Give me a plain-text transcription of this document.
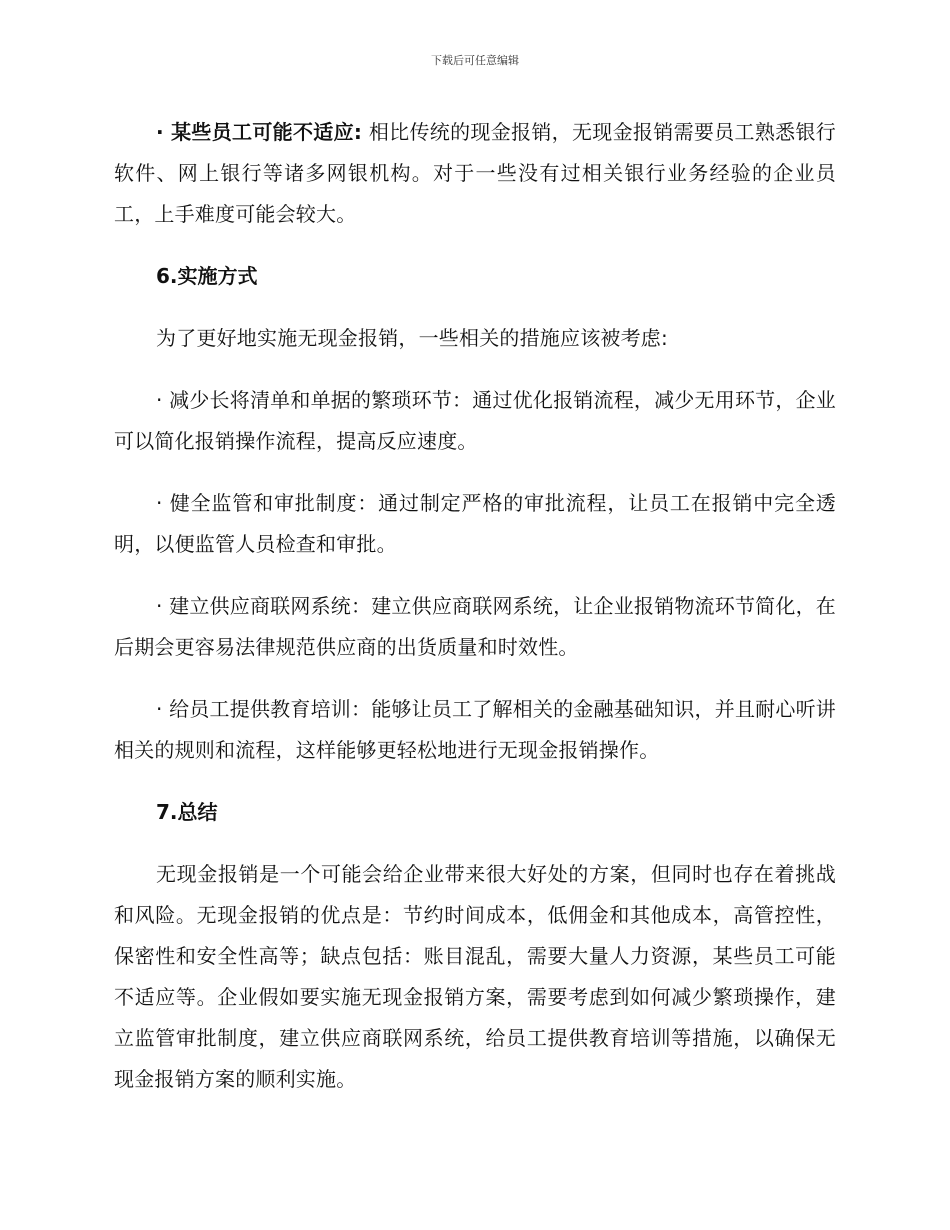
下载后可任意编辑

· 某些员工可能不适应: 相比传统的现金报销，无现金报销需要员工熟悉银行软件、网上银行等诸多网银机构。对于一些没有过相关银行业务经验的企业员工，上手难度可能会较大。

6.实施方式

为了更好地实施无现金报销，一些相关的措施应该被考虑:

· 减少长将清单和单据的繁琐环节：通过优化报销流程，减少无用环节，企业可以简化报销操作流程，提高反应速度。

· 健全监管和审批制度：通过制定严格的审批流程，让员工在报销中完全透明，以便监管人员检查和审批。

· 建立供应商联网系统：建立供应商联网系统，让企业报销物流环节简化，在后期会更容易法律规范供应商的出货质量和时效性。

· 给员工提供教育培训：能够让员工了解相关的金融基础知识，并且耐心听讲相关的规则和流程，这样能够更轻松地进行无现金报销操作。

7.总结

无现金报销是一个可能会给企业带来很大好处的方案，但同时也存在着挑战和风险。无现金报销的优点是：节约时间成本，低佣金和其他成本，高管控性，保密性和安全性高等；缺点包括：账目混乱，需要大量人力资源，某些员工可能不适应等。企业假如要实施无现金报销方案，需要考虑到如何减少繁琐操作，建立监管审批制度，建立供应商联网系统，给员工提供教育培训等措施，以确保无现金报销方案的顺利实施。
